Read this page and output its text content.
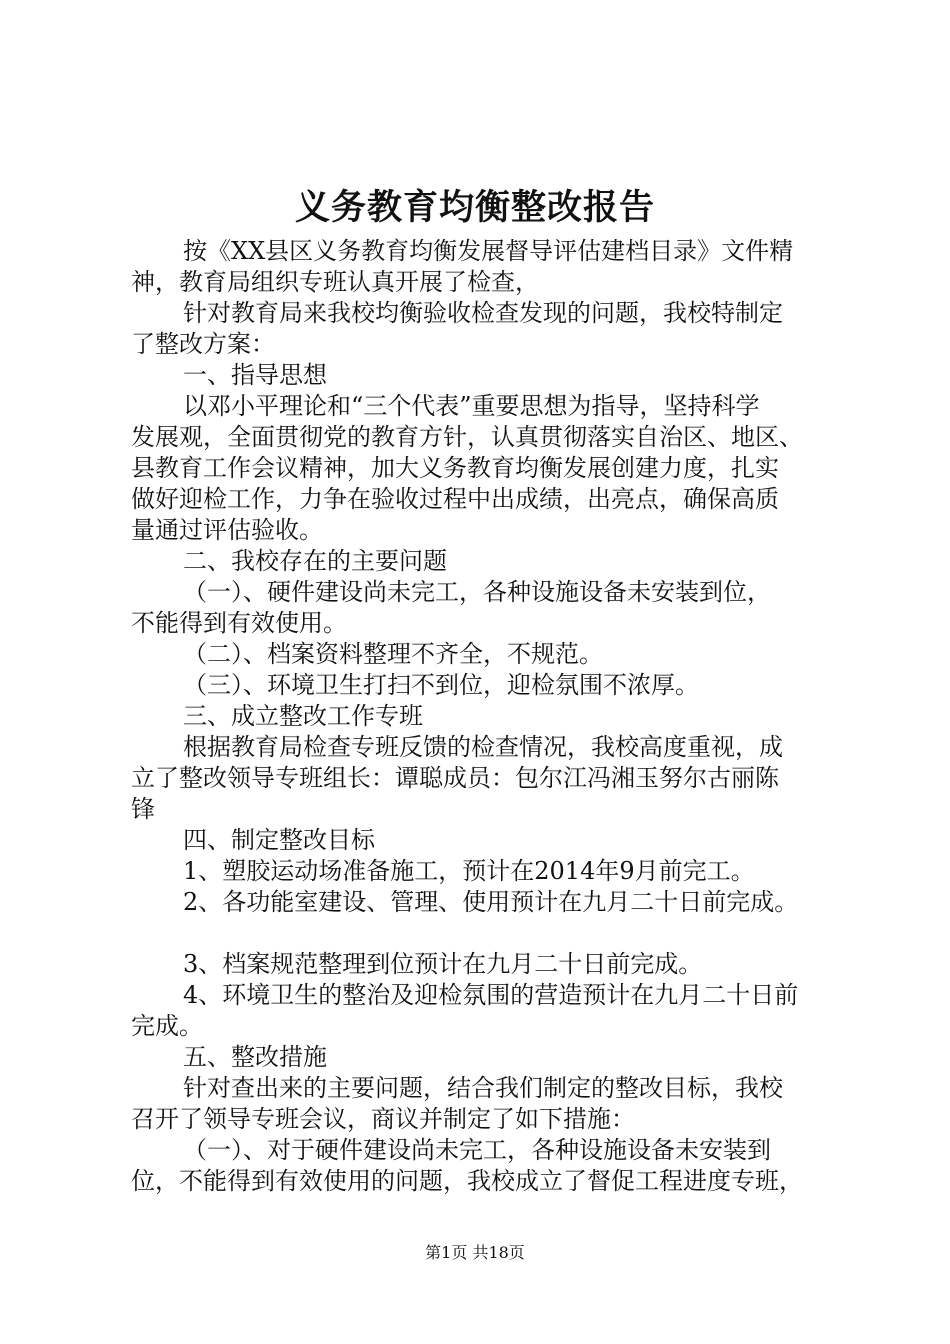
义务教育均衡整改报告
按《XX县区义务教育均衡发展督导评估建档目录》文件精
神，教育局组织专班认真开展了检查，
针对教育局来我校均衡验收检查发现的问题，我校特制定
了整改方案：
一、指导思想
以邓小平理论和“三个代表”重要思想为指导，坚持科学
发展观，全面贯彻党的教育方针，认真贯彻落实自治区、地区、
县教育工作会议精神，加大义务教育均衡发展创建力度，扎实
做好迎检工作，力争在验收过程中出成绩，出亮点，确保高质
量通过评估验收。
二、我校存在的主要问题
（一）、硬件建设尚未完工，各种设施设备未安装到位，
不能得到有效使用。
（二）、档案资料整理不齐全，不规范。
（三）、环境卫生打扫不到位，迎检氛围不浓厚。
三、成立整改工作专班
根据教育局检查专班反馈的检查情况，我校高度重视，成
立了整改领导专班组长：谭聪成员：包尔江冯湘玉努尔古丽陈
锋
四、制定整改目标
1、塑胶运动场准备施工，预计在2014年9月前完工。
2、各功能室建设、管理、使用预计在九月二十日前完成。
3、档案规范整理到位预计在九月二十日前完成。
4、环境卫生的整治及迎检氛围的营造预计在九月二十日前
完成。
五、整改措施
针对查出来的主要问题，结合我们制定的整改目标，我校
召开了领导专班会议，商议并制定了如下措施：
（一）、对于硬件建设尚未完工，各种设施设备未安装到
位，不能得到有效使用的问题，我校成立了督促工程进度专班，
第1页 共18页
